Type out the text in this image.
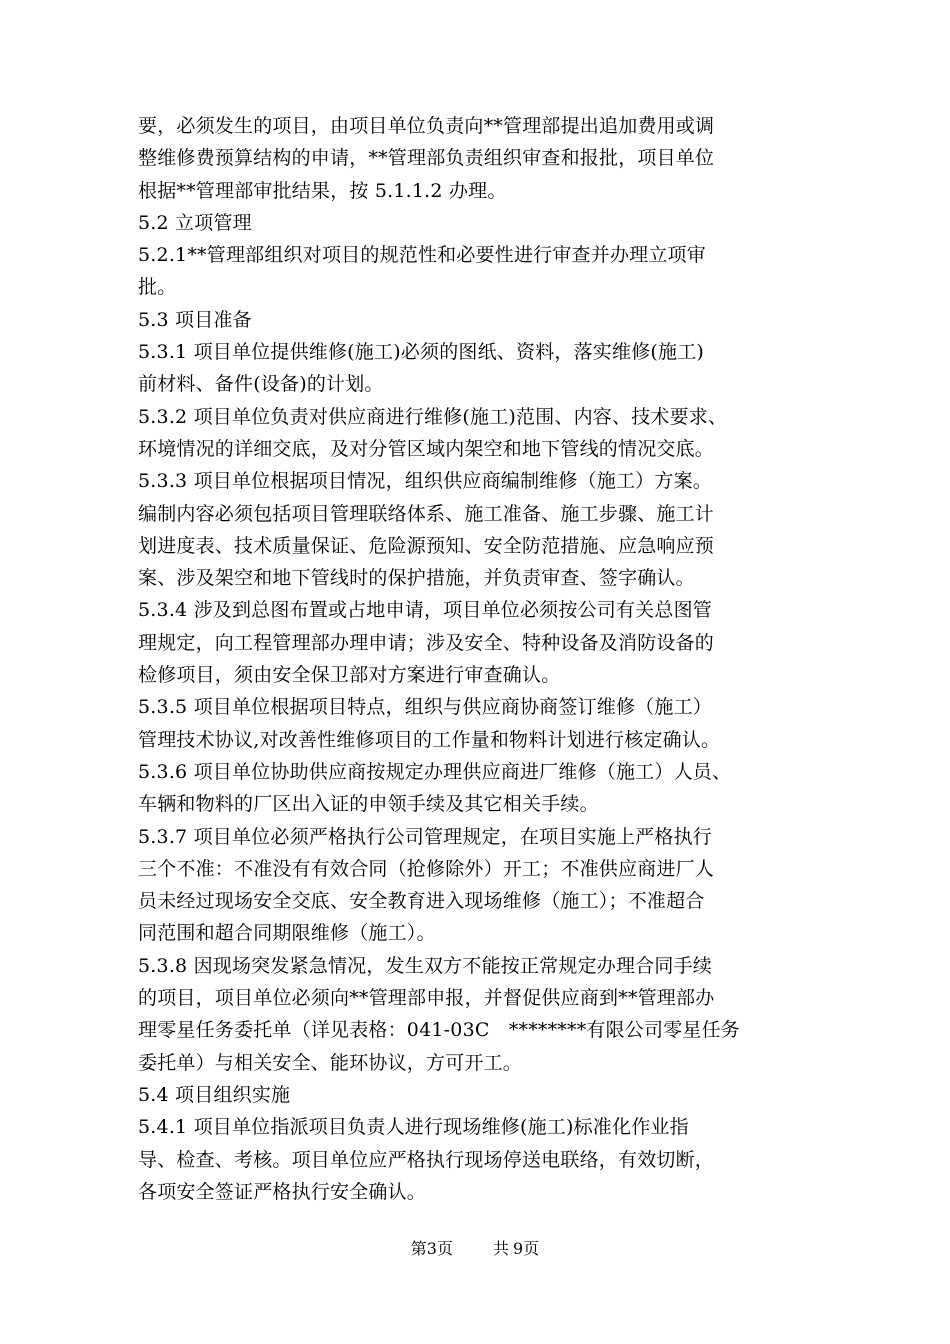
要，必须发生的项目，由项目单位负责向**管理部提出追加费用或调
整维修费预算结构的申请，**管理部负责组织审查和报批，项目单位
根据**管理部审批结果，按 5.1.1.2 办理。
5.2 立项管理
5.2.1**管理部组织对项目的规范性和必要性进行审查并办理立项审
批。
5.3 项目准备
5.3.1 项目单位提供维修(施工)必须的图纸、资料，落实维修(施工)
前材料、备件(设备)的计划。
5.3.2 项目单位负责对供应商进行维修(施工)范围、内容、技术要求、
环境情况的详细交底，及对分管区域内架空和地下管线的情况交底。
5.3.3 项目单位根据项目情况，组织供应商编制维修（施工）方案。
编制内容必须包括项目管理联络体系、施工准备、施工步骤、施工计
划进度表、技术质量保证、危险源预知、安全防范措施、应急响应预
案、涉及架空和地下管线时的保护措施，并负责审查、签字确认。
5.3.4 涉及到总图布置或占地申请，项目单位必须按公司有关总图管
理规定，向工程管理部办理申请；涉及安全、特种设备及消防设备的
检修项目，须由安全保卫部对方案进行审查确认。
5.3.5 项目单位根据项目特点，组织与供应商协商签订维修（施工）
管理技术协议,对改善性维修项目的工作量和物料计划进行核定确认。
5.3.6 项目单位协助供应商按规定办理供应商进厂维修（施工）人员、
车辆和物料的厂区出入证的申领手续及其它相关手续。
5.3.7 项目单位必须严格执行公司管理规定，在项目实施上严格执行
三个不准：不准没有有效合同（抢修除外）开工；不准供应商进厂人
员未经过现场安全交底、安全教育进入现场维修（施工）；不准超合
同范围和超合同期限维修（施工）。
5.3.8 因现场突发紧急情况，发生双方不能按正常规定办理合同手续
的项目，项目单位必须向**管理部申报，并督促供应商到**管理部办
理零星任务委托单（详见表格：041-03C　********有限公司零星任务
委托单）与相关安全、能环协议，方可开工。
5.4 项目组织实施
5.4.1 项目单位指派项目负责人进行现场维修(施工)标准化作业指
导、检查、考核。项目单位应严格执行现场停送电联络，有效切断，
各项安全签证严格执行安全确认。
第3页	共 9页
